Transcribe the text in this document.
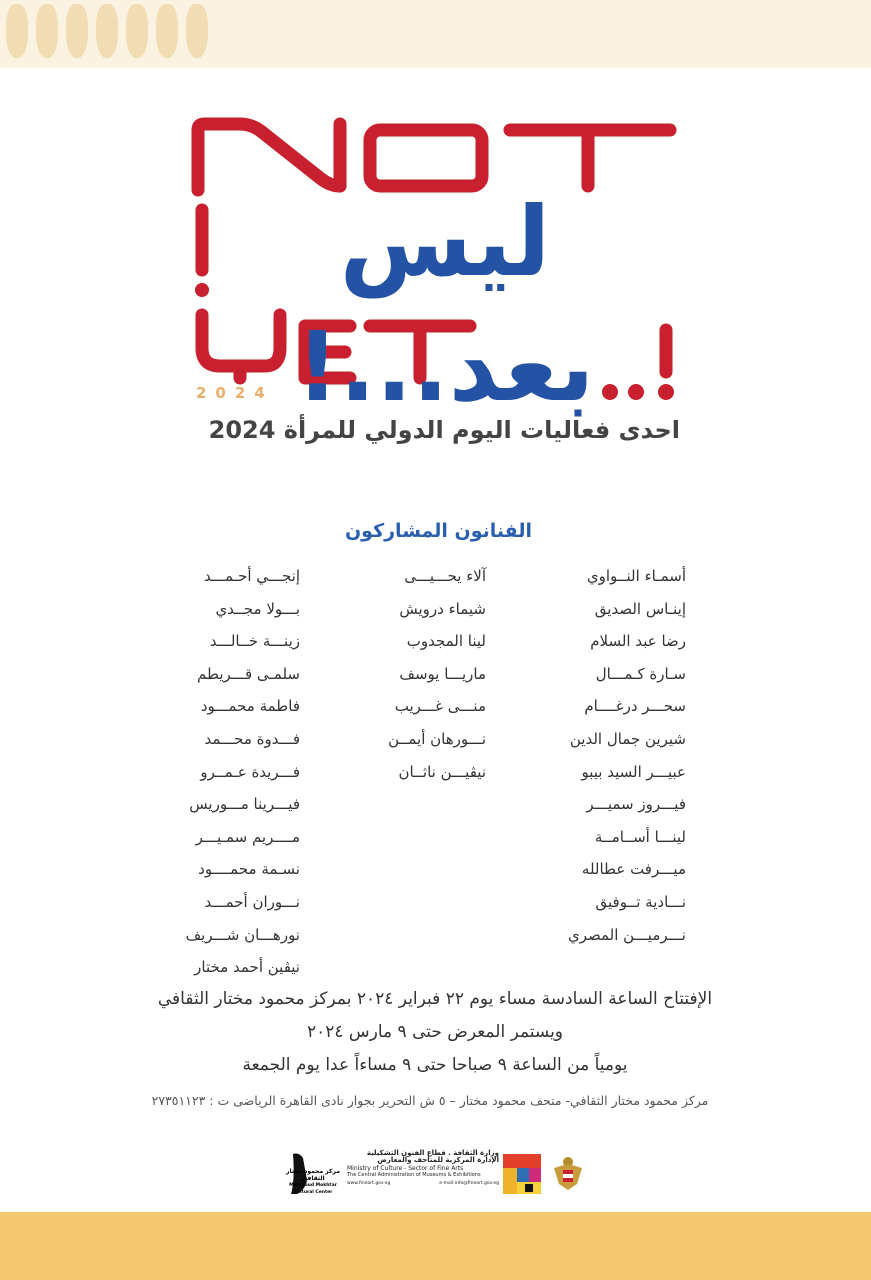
ليس بعد...!
2024
احدى فعاليات اليوم الدولي للمرأة 2024
الفنانون المشاركون
أسمـاء النــواوي
إينـاس الصديق
رضا عبد السلام
سـارة كـمـــال
سحـــر درغــــام
شيرين جمال الدين
عبيـــر السيد بيبو
فيـــروز سميـــر
لينـــا أســامــة
ميـــرفت عطالله
نـــادية تــوفيق
نـــرميـــن المصري
آلاء يحـــيـــى
شيماء درويش
لينا المجدوب
ماريـــا يوسف
منـــى غـــريب
نـــورهان أيمــن
نيڤيـــن ناثــان
إنجـــي أحـمـــد
بـــولا مجــدي
زينـــة خــالـــد
سلمـى قـــريطم
فاطمة محمـــود
فـــدوة محـــمد
فـــريدة عـمــرو
فيـــرينا مـــوريس
مــــريم سمـيـــر
نسـمة محمــــود
نـــوران أحمـــد
نورهـــان شـــريف
نيڤين أحمد مختار
الإفتتاح الساعة السادسة مساء يوم ٢٢ فبراير ٢٠٢٤ بمركز محمود مختار الثقافي
ويستمر المعرض حتى ٩ مارس ٢٠٢٤
يومياً من الساعة ٩ صباحا حتى ٩ مساءاً عدا يوم الجمعة
مركز محمود مختار الثقافي- متحف محمود مختار – ٥ ش التحرير بجوار نادى القاهرة الرياضى ت : ٢٧٣٥١١٢٣
مركز محمود مختار الثقافي
Mahmoud Mokhtar Cultural Center
وزارة الثقافة . قطاع الفنون التشكيلية
الإدارة المركزية للمتاحف والمعارض
Ministry of Culture - Sector of Fine Arts
The Central Administration of Museums & Exhibitions
www.fineart.gov.eg	e-mail:info@fineart.gov.eg
